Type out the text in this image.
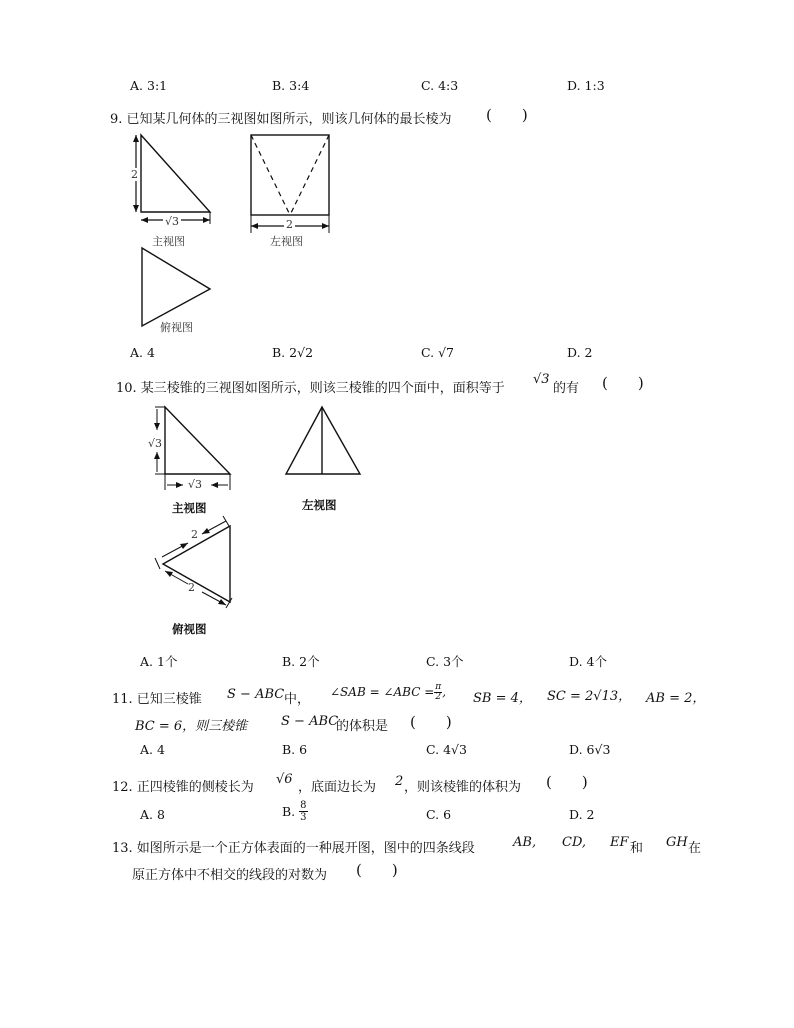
A. 3:1	B. 3:4	C. 4:3	D. 1:3
9. 已知某几何体的三视图如图所示，则该几何体的最长棱为 (　　)
2
√3
主视图
2
左视图
俯视图
A. 4	B. 2√2	C. √7	D. 2
10. 某三棱锥的三视图如图所示，则该三棱锥的四个面中，面积等于
√3
的有 (　　)
√3
√3
主视图	左视图
2
2
俯视图
A. 1个	B. 2个	C. 3个	D. 4个
11. 已知三棱锥 S − ABC 中， ∠SAB = ∠ABC = $\frac{\pi}{2}$ , SB = 4， SC = 2√13， AB = 2，
BC = 6，则三棱锥	S − ABC
的体积是 (　　)
A. 4	B. 6	C. 4√3	D. 6√3
12. 正四棱锥的侧棱长为
√6
，底面边长为 2 ，则该棱锥的体积为 (　　)
A. 8	B. $\frac{8}{3}$	C. 6	D. 2
13. 如图所示是一个正方体表面的一种展开图，图中的四条线段	AB, CD, EF 和 GH 在
原正方体中不相交的线段的对数为 (　　)
